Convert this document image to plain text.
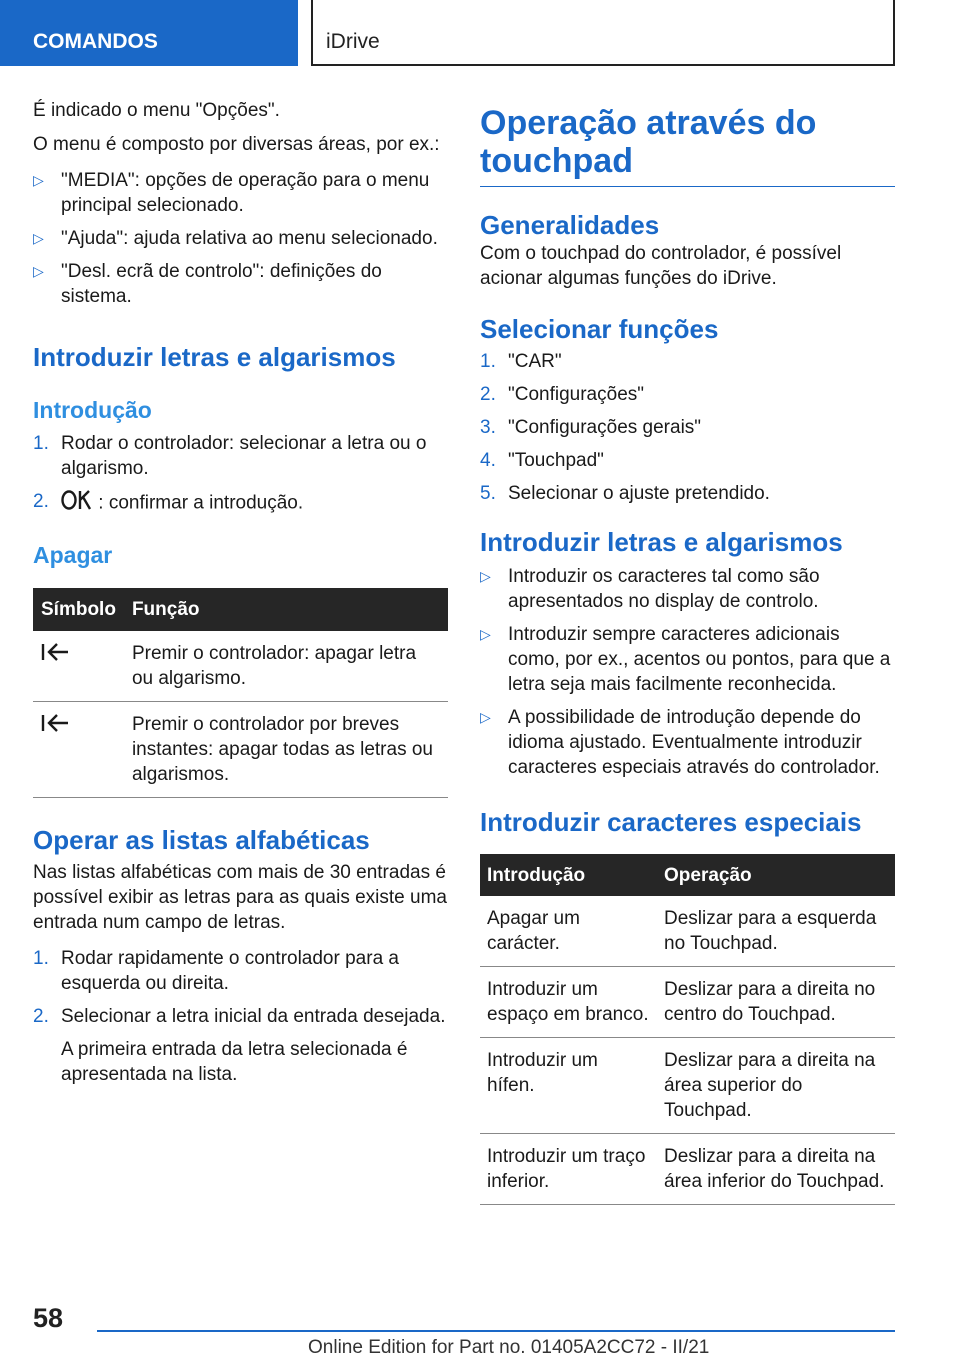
COMANDOS	iDrive

É indicado o menu "Opções".

O menu é composto por diversas áreas, por ex.:

▷ "MEDIA": opções de operação para o menu principal selecionado.
▷ "Ajuda": ajuda relativa ao menu selecionado.
▷ "Desl. ecrã de controlo": definições do sistema.
Introduzir letras e algarismos
Introdução
1. Rodar o controlador: selecionar a letra ou o algarismo.
2.	: confirmar a introdução.
Apagar
Símbolo	Função
	Premir o controlador: apagar letra ou algarismo.
	Premir o controlador por breves instantes: apagar todas as letras ou algarismos.
Operar as listas alfabéticas

Nas listas alfabéticas com mais de 30 entradas é possível exibir as letras para as quais existe uma entrada num campo de letras.

1. Rodar rapidamente o controlador para a esquerda ou direita.
2. Selecionar a letra inicial da entrada desejada.

A primeira entrada da letra selecionada é apresentada na lista.

Operação através do touchpad
Generalidades

Com o touchpad do controlador, é possível acionar algumas funções do iDrive.

Selecionar funções
1. "CAR"
2. "Configurações"
3. "Configurações gerais"
4. "Touchpad"
5. Selecionar o ajuste pretendido.
Introduzir letras e algarismos
▷ Introduzir os caracteres tal como são apresentados no display de controlo.
▷ Introduzir sempre caracteres adicionais como, por ex., acentos ou pontos, para que a letra seja mais facilmente reconhecida.
▷ A possibilidade de introdução depende do idioma ajustado. Eventualmente introduzir caracteres especiais através do controlador.
Introduzir caracteres especiais
Introdução	Operação
Apagar um carácter.	Deslizar para a esquerda no Touchpad.
Introduzir um espaço em branco.	Deslizar para a direita no centro do Touchpad.
Introduzir um hífen.	Deslizar para a direita na área superior do Touchpad.
Introduzir um traço inferior.	Deslizar para a direita na área inferior do Touchpad.
58
Online Edition for Part no. 01405A2CC72 - II/21
